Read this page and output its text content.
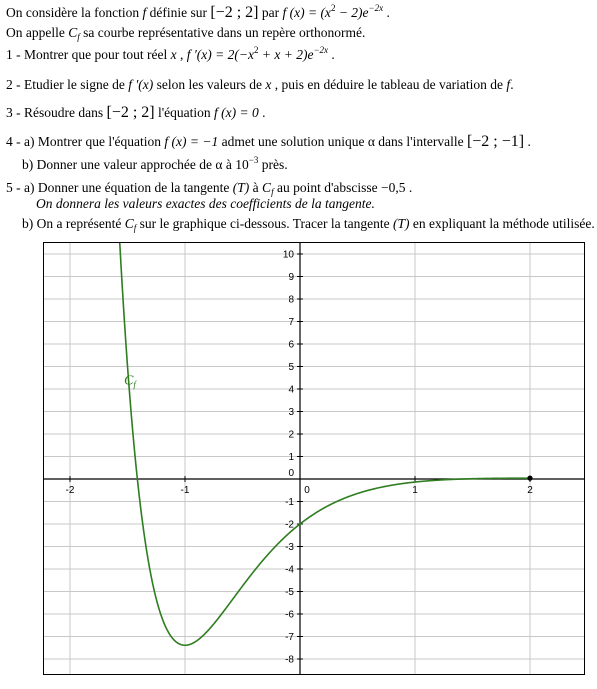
On considère la fonction f définie sur [−2 ; 2] par f $(x) = (x^2 - 2)e^{-2x}$ .
On appelle $C_f$ sa courbe représentative dans un repère orthonormé.
1 - Montrer que pour tout réel x , f $'(x) = 2(-x^2 + x + 2)e^{-2x}$ .
2 - Etudier le signe de f ′(x) selon les valeurs de x , puis en déduire le tableau de variation de f.
3 - Résoudre dans [−2 ; 2] l'équation f (x) = 0 .
4 - a) Montrer que l'équation f (x) = −1 admet une solution unique α dans l'intervalle [−2 ; −1] .
b) Donner une valeur approchée de α à $10^{-3}$ près.
5 - a) Donner une équation de la tangente (T) à $C_f$ au point d'abscisse −0,5 .
On donnera les valeurs exactes des coefficients de la tangente.
b) On a représenté $C_f$ sur le graphique ci-dessous. Tracer la tangente (T) en expliquant la méthode utilisée.
-2	-1	0	1	2
-8
-7
-6
-5
-4
-3
-2
-1
0
1
2
3
4
5
6
7
8
9
10
$C_f$
